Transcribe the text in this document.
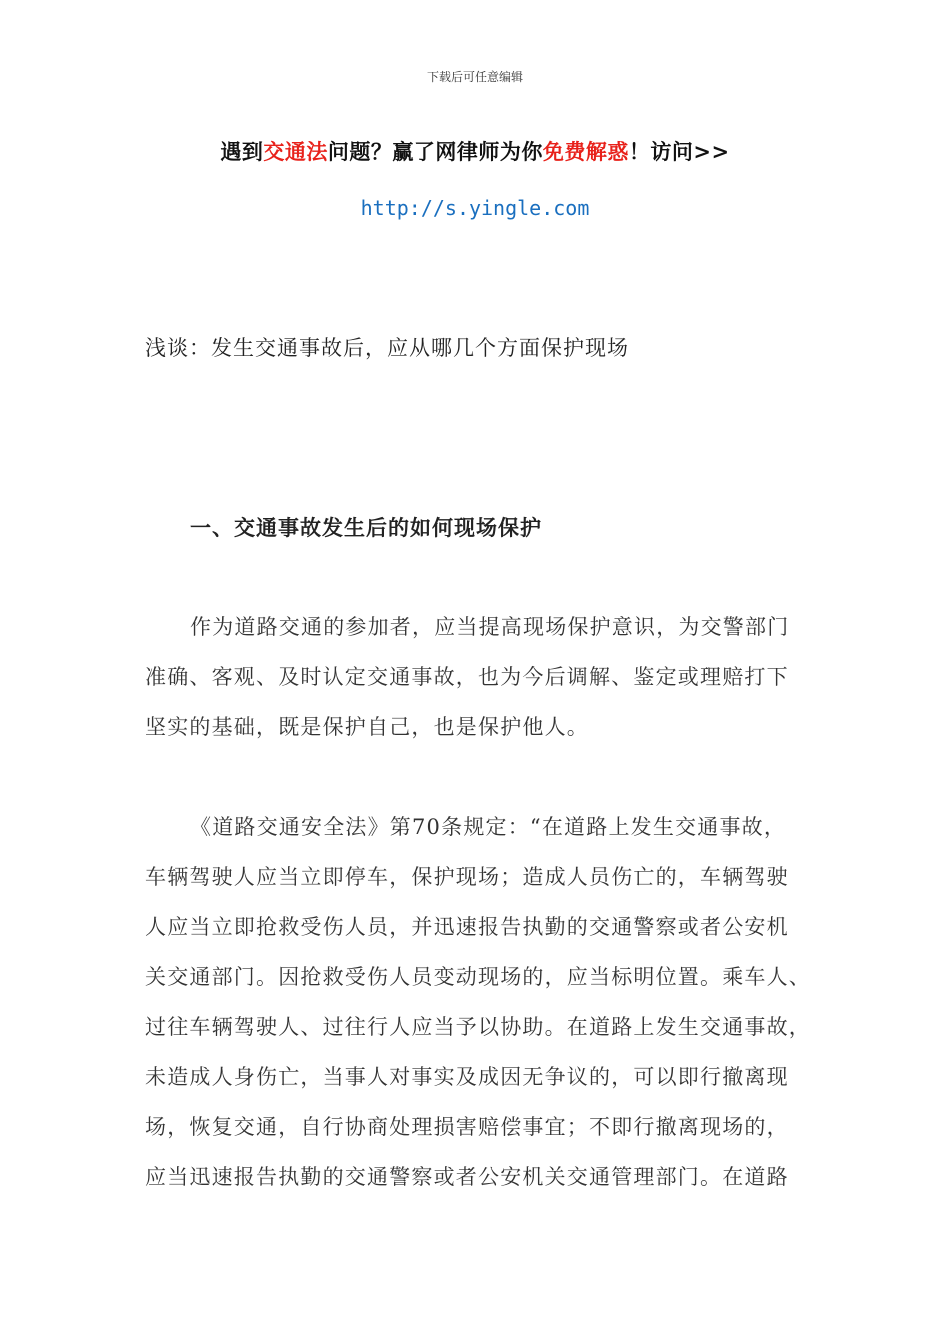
下载后可任意编辑
遇到交通法问题？赢了网律师为你免费解惑！访问>>
http://s.yingle.com
浅谈：发生交通事故后，应从哪几个方面保护现场
一、交通事故发生后的如何现场保护
作为道路交通的参加者，应当提高现场保护意识，为交警部门
准确、客观、及时认定交通事故，也为今后调解、鉴定或理赔打下
坚实的基础，既是保护自己，也是保护他人。
《道路交通安全法》第70条规定：“在道路上发生交通事故，
车辆驾驶人应当立即停车，保护现场；造成人员伤亡的，车辆驾驶
人应当立即抢救受伤人员，并迅速报告执勤的交通警察或者公安机
关交通部门。因抢救受伤人员变动现场的，应当标明位置。乘车人、
过往车辆驾驶人、过往行人应当予以协助。在道路上发生交通事故，
未造成人身伤亡，当事人对事实及成因无争议的，可以即行撤离现
场，恢复交通，自行协商处理损害赔偿事宜；不即行撤离现场的，
应当迅速报告执勤的交通警察或者公安机关交通管理部门。在道路
